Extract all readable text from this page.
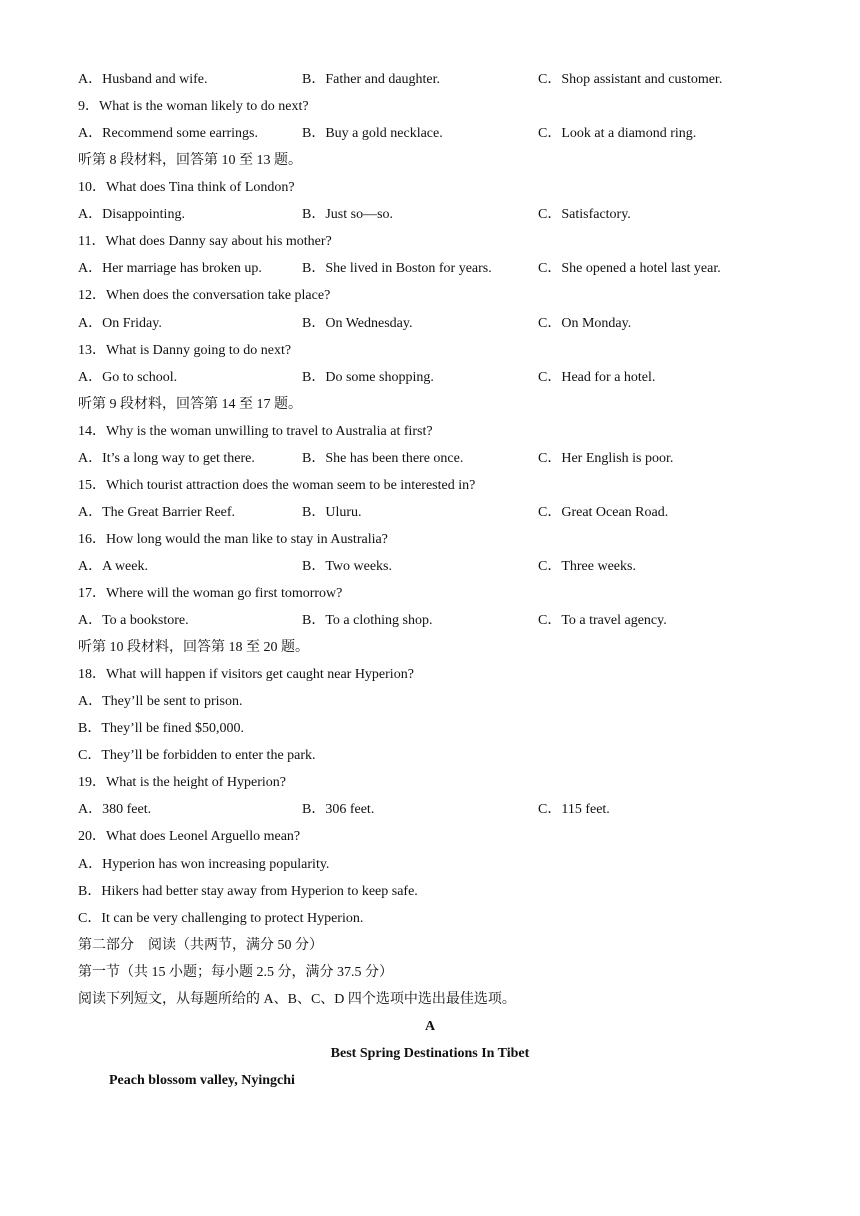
A．Husband and wife.	B．Father and daughter.	C．Shop assistant and customer.
9．What is the woman likely to do next?
A．Recommend some earrings.	B．Buy a gold necklace.	C．Look at a diamond ring.
听第 8 段材料，回答第 10 至 13 题。
10．What does Tina think of London?
A．Disappointing.	B．Just so—so.	C．Satisfactory.
11．What does Danny say about his mother?
A．Her marriage has broken up.	B．She lived in Boston for years.	C．She opened a hotel last year.
12．When does the conversation take place?
A．On Friday.	B．On Wednesday.	C．On Monday.
13．What is Danny going to do next?
A．Go to school.	B．Do some shopping.	C．Head for a hotel.
听第 9 段材料，回答第 14 至 17 题。
14．Why is the woman unwilling to travel to Australia at first?
A．It’s a long way to get there.	B．She has been there once.	C．Her English is poor.
15．Which tourist attraction does the woman seem to be interested in?
A．The Great Barrier Reef.	B．Uluru.	C．Great Ocean Road.
16．How long would the man like to stay in Australia?
A．A week.	B．Two weeks.	C．Three weeks.
17．Where will the woman go first tomorrow?
A．To a bookstore.	B．To a clothing shop.	C．To a travel agency.
听第 10 段材料，回答第 18 至 20 题。
18．What will happen if visitors get caught near Hyperion?
A．They’ll be sent to prison.
B．They’ll be fined $50,000.
C．They’ll be forbidden to enter the park.
19．What is the height of Hyperion?
A．380 feet.	B．306 feet.	C．115 feet.
20．What does Leonel Arguello mean?
A．Hyperion has won increasing popularity.
B．Hikers had better stay away from Hyperion to keep safe.
C．It can be very challenging to protect Hyperion.
第二部分　阅读（共两节，满分 50 分）
第一节（共 15 小题；每小题 2.5 分，满分 37.5 分）
阅读下列短文，从每题所给的 A、B、C、D 四个选项中选出最佳选项。
A
Best Spring Destinations In Tibet
Peach blossom valley, Nyingchi
